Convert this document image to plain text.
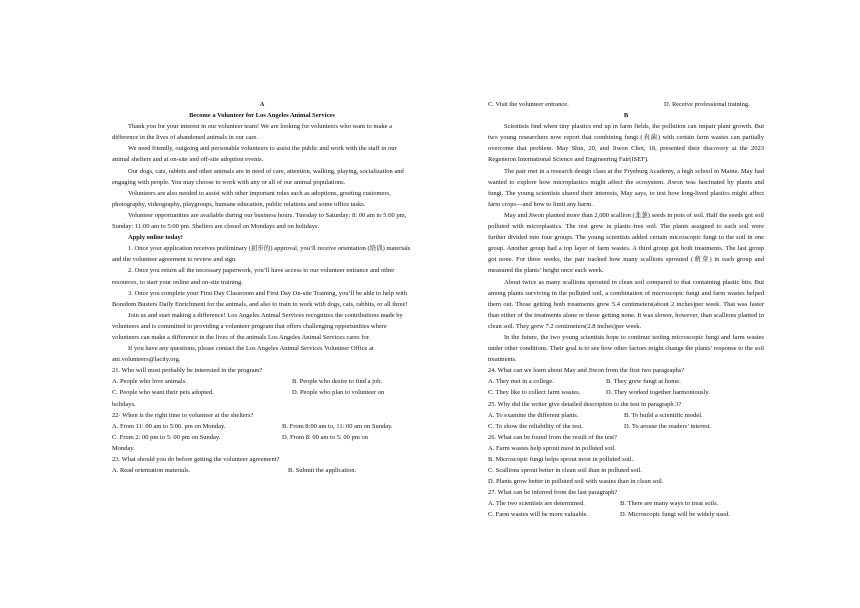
A

Become a Volunteer for Los Angeles Animal Services

Thank you for your interest in our volunteer team! We are looking for volunteers who want to make a difference in the lives of abandoned animals in our care.

We need friendly, outgoing and personable volunteers to assist the public and work with the staff in our animal shelters and at on-site and off-site adoption events.

Our dogs, cats, rabbits and other animals are in need of care, attention, walking, playing, socialization and engaging with people. You may choose to work with any or all of our animal populations.

Volunteers are also needed to assist with other important roles such as adoptions, greeting customers, photography, videography, playgroups, humane education, public relations and some office tasks.

Volunteer opportunities are available during our business hours. Tuesday to Saturday: 8: 00 am to 5:00 pm, Sunday: 11:00 am to 5:00 pm. Shelters are closed on Mondays and on holidays.

Apply online today!

1. Once your application receives preliminary (初步的) approval, you’ll receive orientation (培训) materials and the volunteer agreement to review and sign.

2. Once you return all the necessary paperwork, you’ll have access to our volunteer entrance and other resources, to start your online and on-site training.

3. Once you complete your First Day Classroom and First Day On-site Training, you’ll be able to help with Boredom Busters Daily Enrichment for the animals, and also to train to work with dogs, cats, rabbits, or all three!

Join us and start making a difference! Los Angeles Animal Services recognizes the contributions made by volunteers and is committed to providing a volunteer program that offers challenging opportunities where volunteers can make a difference in the lives of the animals Los Angeles Animal Services cares for.

If you have any questions, please contact the Los Angeles Animal Services Volunteer Office at ani.volunteers@lacity.org.

21. Who will most probably be interested in the program?

A. People who love animals.	B. People who desire to find a job.
C. People who want their pets adopted.	D. People who plan to volunteer on

holidays.

22· When is the right time to volunteer at the shelters?

A. From 11: 00 am to 5:00. pm on Monday.	B. From 8:00 am to, 11: 00 am on Sunday.
C. From 2: 00 pm to 5: 00 pm on Sunday.	D. From 8: 00 am to 5: 00 pm on

Monday.

23. What should you do before getting the volunteer agreement?

A. Read orientation materials.	B. Submit the application.
C. Visit the volunteer entrance.	D. Receive professional training.

B

Scientists find when tiny plastics end up in farm fields, the pollution can impair plant growth. But two young researchers now report that combining fungi (真菌) with certain farm wastes can partially overcome that problem. May Shin, 20, and Jiwon Choi, 18, presented their discovery at the 2023 Regeneron International Science and Engineering Fair(ISEF).

The pair met in a research design class at the Fryeburg Academy, a high school in Maine. May had wanted to explore how microplastics might affect the ecosystem. Jiwon was fascinated by plants and fungi. The young scientists shared their interests, May says, to test how long-lived plastics might affect farm crops—and how to limit any harm.

May and Jiwon planted more than 2,000 scallion (韭葱) seeds in pots of soil. Half the seeds got soil polluted with microplastics. The rest grew in plastic-free soil. The plants assigned to each soil were further divided into four groups. The young scientists added certain microscopic fungi to the soil in one group. Another group had a top layer of farm wastes. A third group got both treatments. The last group got none. For three weeks, the pair tracked how many scallions sprouted (萌芽) in each group and measured the plants’ height once each week.

About twice as many scallions sprouted in clean soil compared to that containing plastic bits. But among plants surviving in the polluted soil, a combination of microscopic fungi and farm wastes helped them out. Those getting both treatments grew 5.4 centimeters(about 2 inches)per week. That was faster than either of the treatments alone or those getting none. It was slower, however, than scallions planted in clean soil. They grew 7.2 centimeters(2.8 inches)per week.

In the future, the two young scientists hope to continue testing microscopic fungi and farm wastes under other conditions. Their goal is to see how other factors might change the plants’ response to the soil treatments.

24. What can we learn about May and Jiwon from the first two paragraphs?

A. They met in a college.	B. They grew fungi at home.
C. They like to collect farm wastes.	D. They worked together harmoniously.

25. Why did the writer give detailed description to the test in paragraph 3?

A. To examine the different plants.	B. To build a scientific model.
C. To show the reliability of the test.	D. To arouse the readers’ interest.

26. What can be found from the result of the test?

A. Farm wastes help sprout most in polluted soil.

B. Microscopic fungi helps sprout most in polluted soil.

C. Scallions sprout better in clean soil than in polluted soil.

D. Plants grow better in polluted soil with wastes than in clean soil.

27. What can be inferred from the last paragraph?

A. The two scientists are determined.	B. There are many ways to treat soils.
C. Farm wastes will be more valuable.	D. Microscopic fungi will be widely used.
